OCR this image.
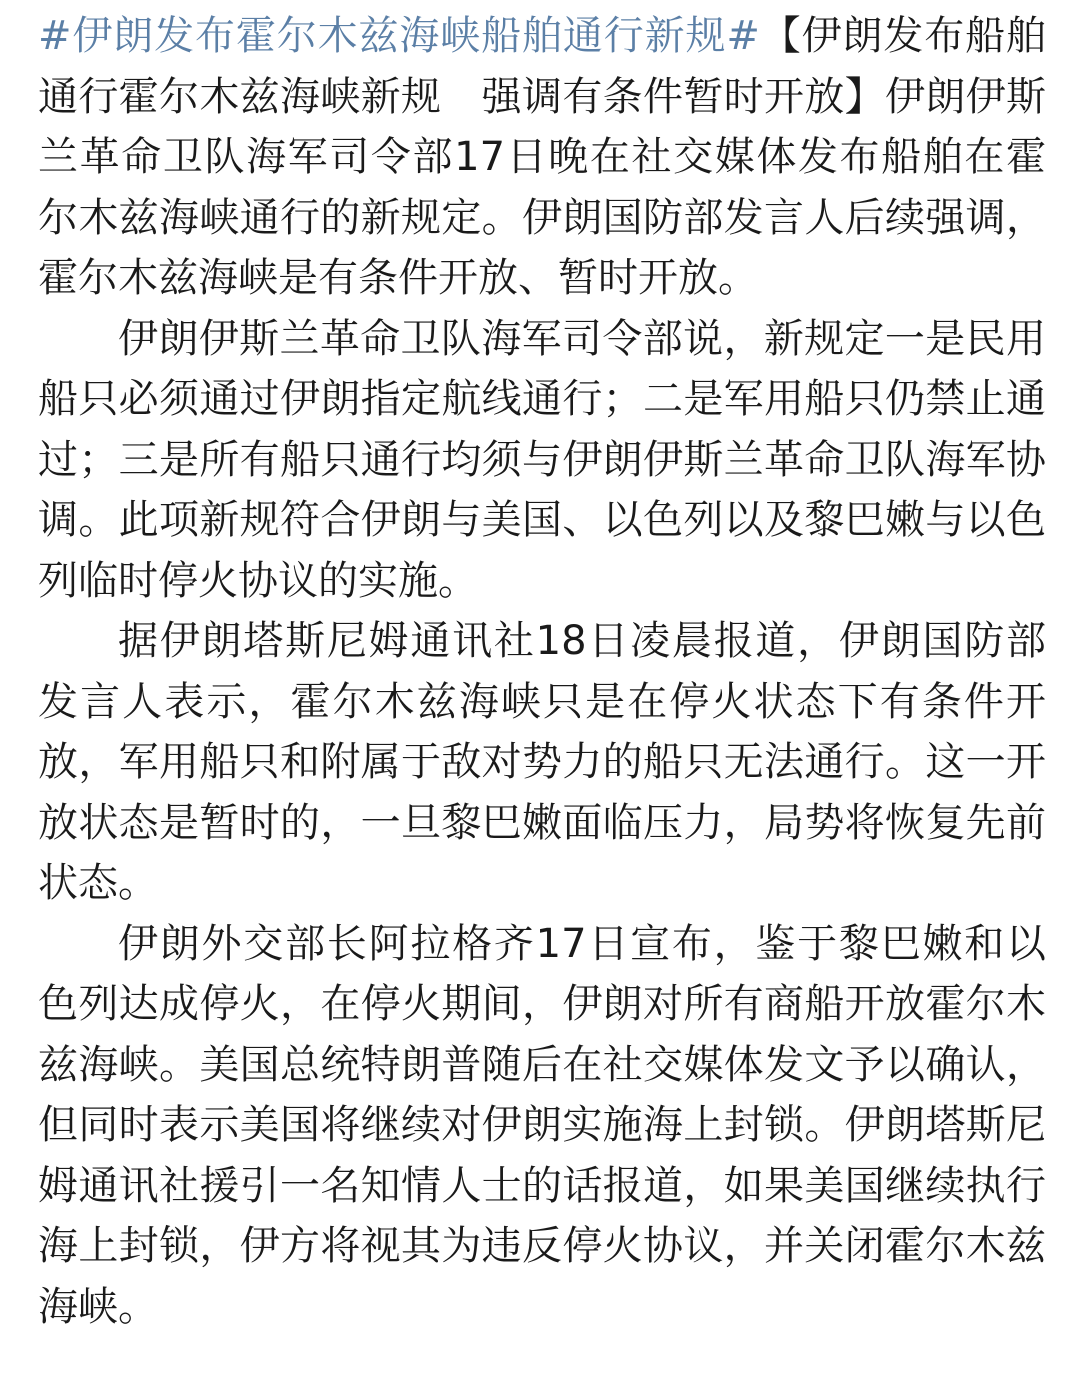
#伊朗发布霍尔木兹海峡船舶通行新规#【伊朗发布船舶通行霍尔木兹海峡新规　强调有条件暂时开放】伊朗伊斯兰革命卫队海军司令部17日晚在社交媒体发布船舶在霍尔木兹海峡通行的新规定。伊朗国防部发言人后续强调，霍尔木兹海峡是有条件开放、暂时开放。

伊朗伊斯兰革命卫队海军司令部说，新规定一是民用船只必须通过伊朗指定航线通行；二是军用船只仍禁止通过；三是所有船只通行均须与伊朗伊斯兰革命卫队海军协调。此项新规符合伊朗与美国、以色列以及黎巴嫩与以色列临时停火协议的实施。

据伊朗塔斯尼姆通讯社18日凌晨报道，伊朗国防部发言人表示，霍尔木兹海峡只是在停火状态下有条件开放，军用船只和附属于敌对势力的船只无法通行。这一开放状态是暂时的，一旦黎巴嫩面临压力，局势将恢复先前状态。

伊朗外交部长阿拉格齐17日宣布，鉴于黎巴嫩和以色列达成停火，在停火期间，伊朗对所有商船开放霍尔木兹海峡。美国总统特朗普随后在社交媒体发文予以确认，但同时表示美国将继续对伊朗实施海上封锁。伊朗塔斯尼姆通讯社援引一名知情人士的话报道，如果美国继续执行海上封锁，伊方将视其为违反停火协议，并关闭霍尔木兹海峡。
